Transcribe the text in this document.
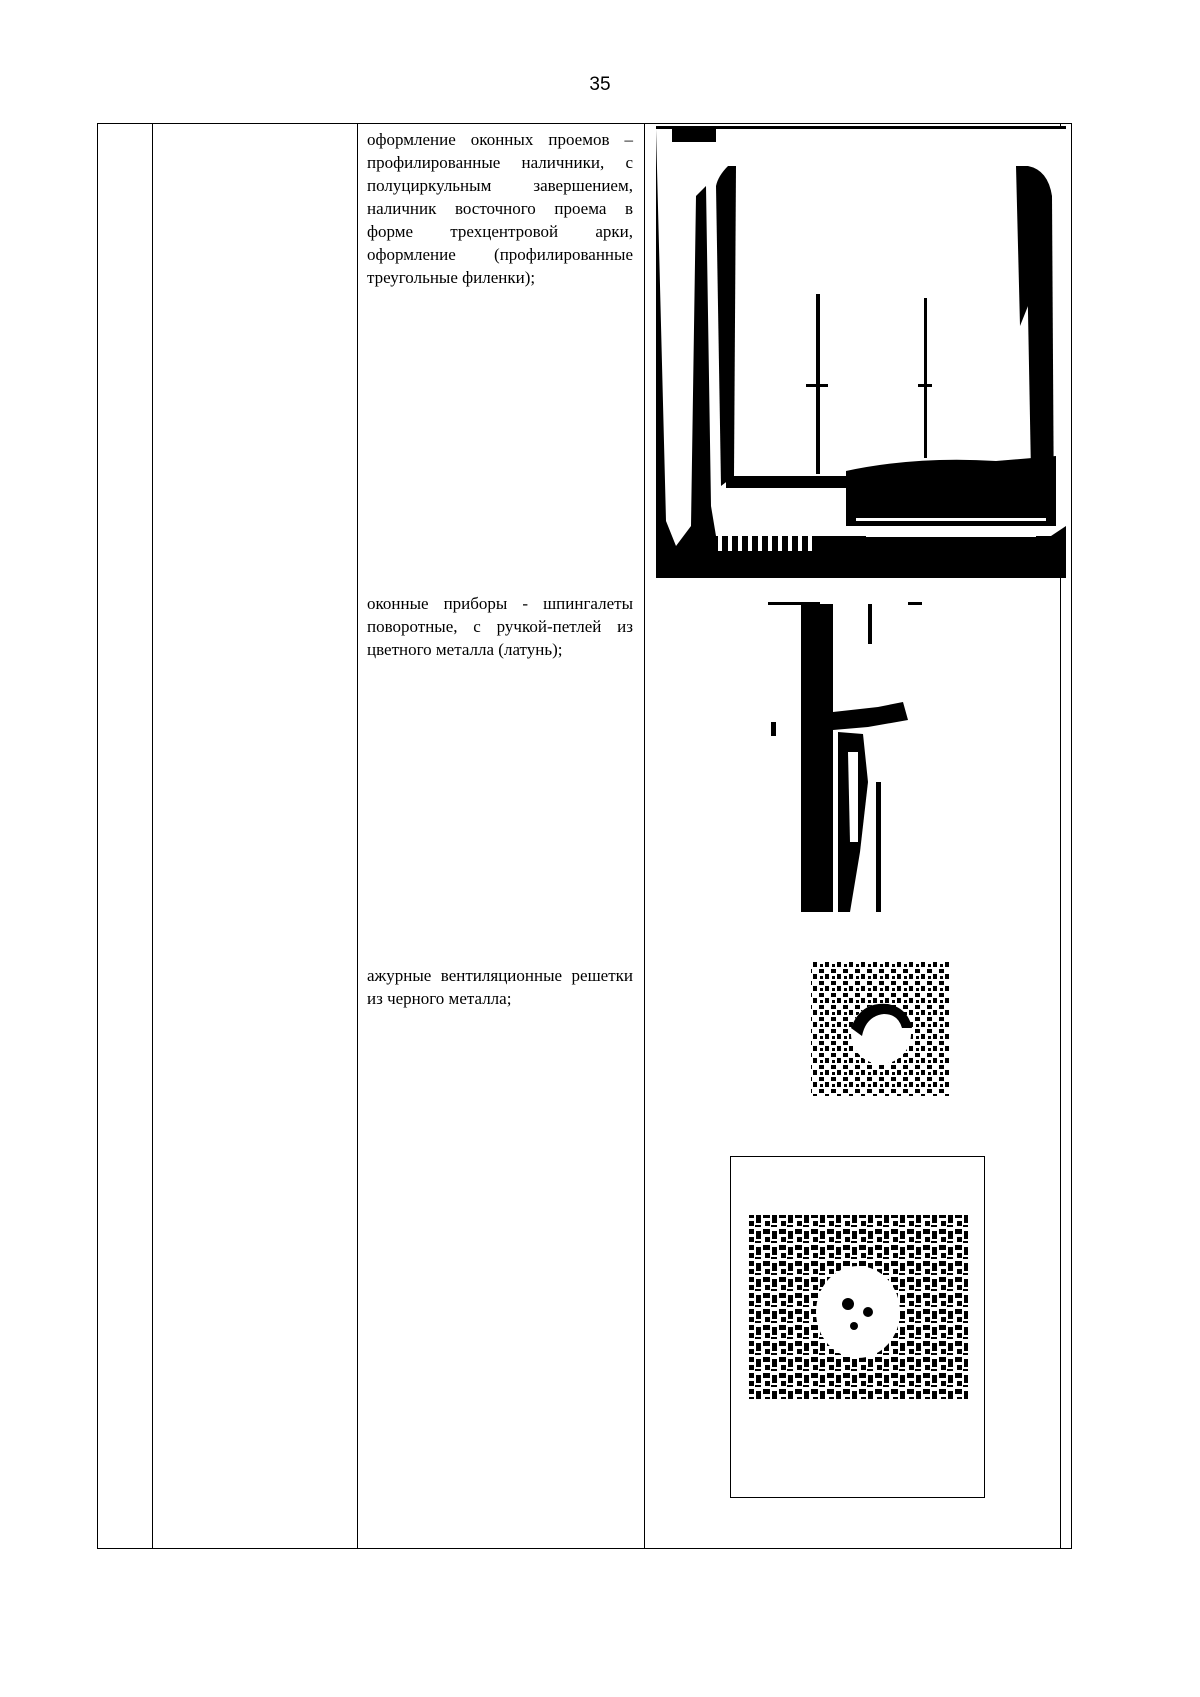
35
оформление оконных проемов – профилированные наличники, с полуциркульным завершением, наличник восточного проема в форме трехцентровой арки, оформление (профилированные треугольные филенки);
оконные приборы - шпингалеты поворотные, с ручкой-петлей из цветного металла (латунь);
ажурные вентиляционные решетки из черного металла;
